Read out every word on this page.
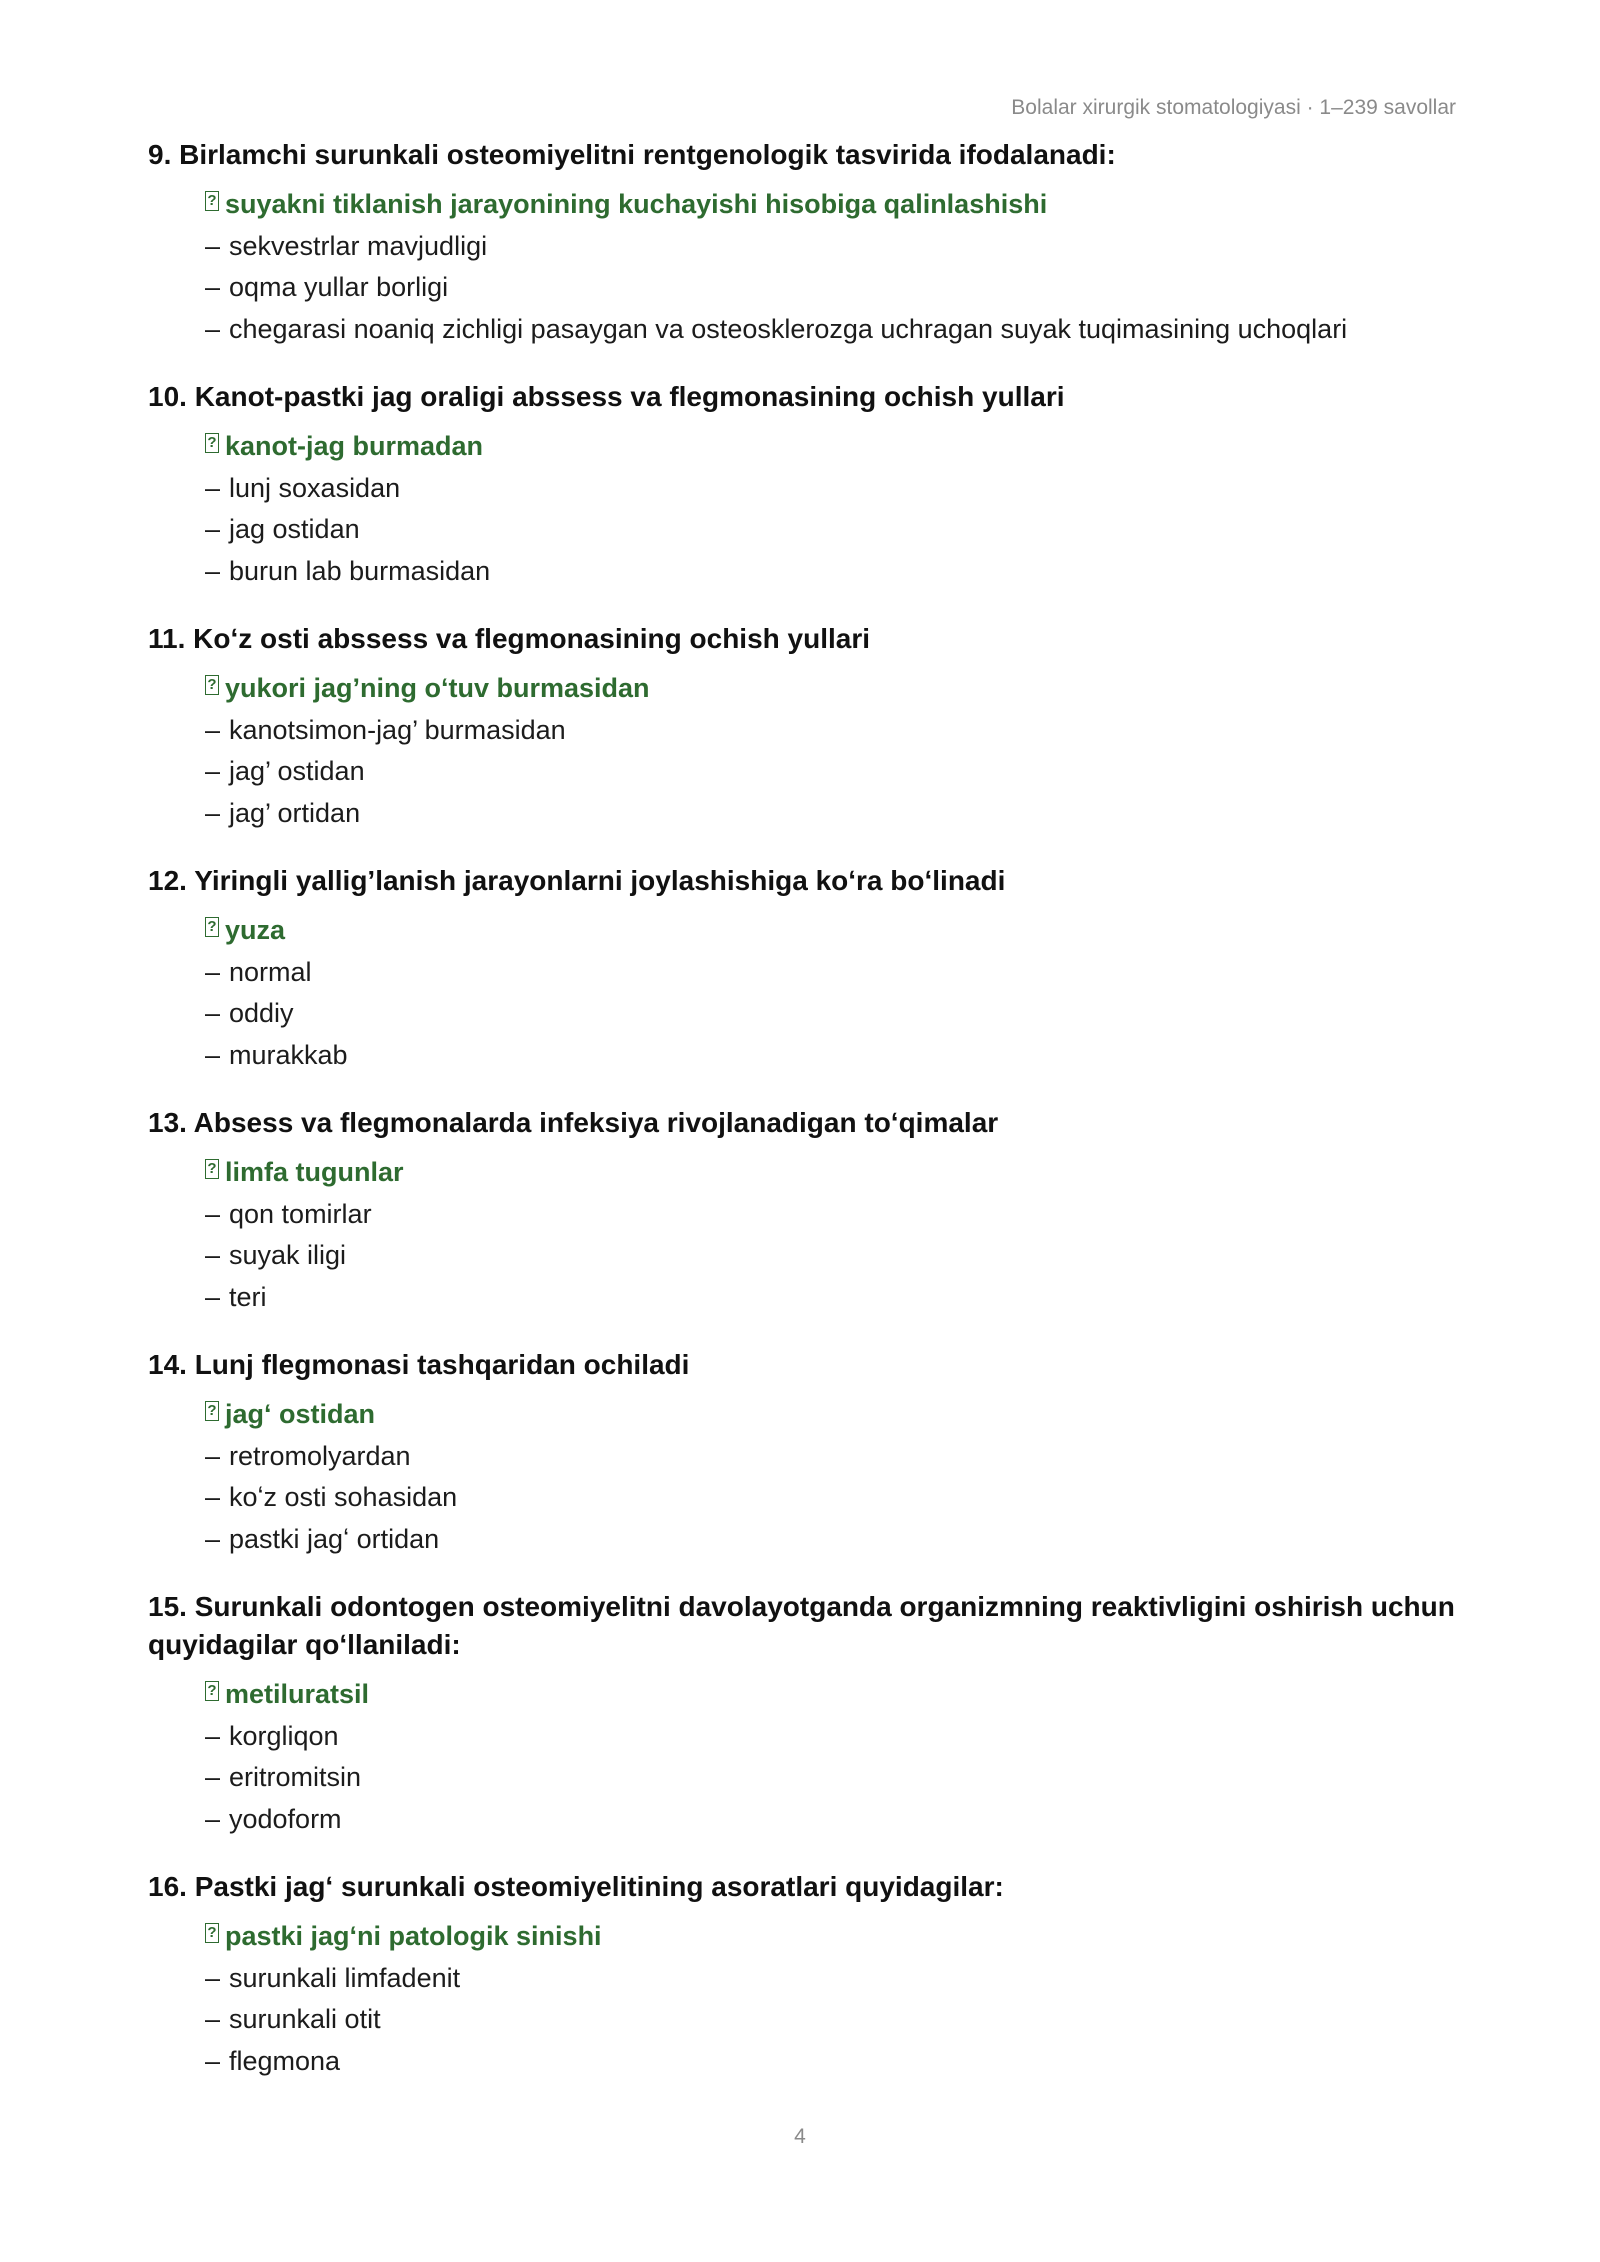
Bolalar xirurgik stomatologiyasi · 1–239 savollar
9. Birlamchi surunkali osteomiyelitni rentgenologik tasvirida ifodalanadi:
?suyakni tiklanish jarayonining kuchayishi hisobiga qalinlashishi
– sekvestrlar mavjudligi
– oqma yullar borligi
– chegarasi noaniq zichligi pasaygan va osteosklerozga uchragan suyak tuqimasining uchoqlari
10. Kanot-pastki jag oraligi abssess va flegmonasining ochish yullari
?kanot-jag burmadan
– lunj soxasidan
– jag ostidan
– burun lab burmasidan
11. Koʻz osti abssess va flegmonasining ochish yullari
?yukori jag’ning oʻtuv burmasidan
– kanotsimon-jag’ burmasidan
– jag’ ostidan
– jag’ ortidan
12. Yiringli yallig’lanish jarayonlarni joylashishiga koʻra boʻlinadi
?yuza
– normal
– oddiy
– murakkab
13. Absess va flegmonalarda infeksiya rivojlanadigan toʻqimalar
?limfa tugunlar
– qon tomirlar
– suyak iligi
– teri
14. Lunj flegmonasi tashqaridan ochiladi
?jagʻ ostidan
– retromolyardan
– koʻz osti sohasidan
– pastki jagʻ ortidan
15. Surunkali odontogen osteomiyelitni davolayotganda organizmning reaktivligini oshirish uchun quyidagilar qoʻllaniladi:
?metiluratsil
– korgliqon
– eritromitsin
– yodoform
16. Pastki jagʻ surunkali osteomiyelitining asoratlari quyidagilar:
?pastki jagʻni patologik sinishi
– surunkali limfadenit
– surunkali otit
– flegmona
4
